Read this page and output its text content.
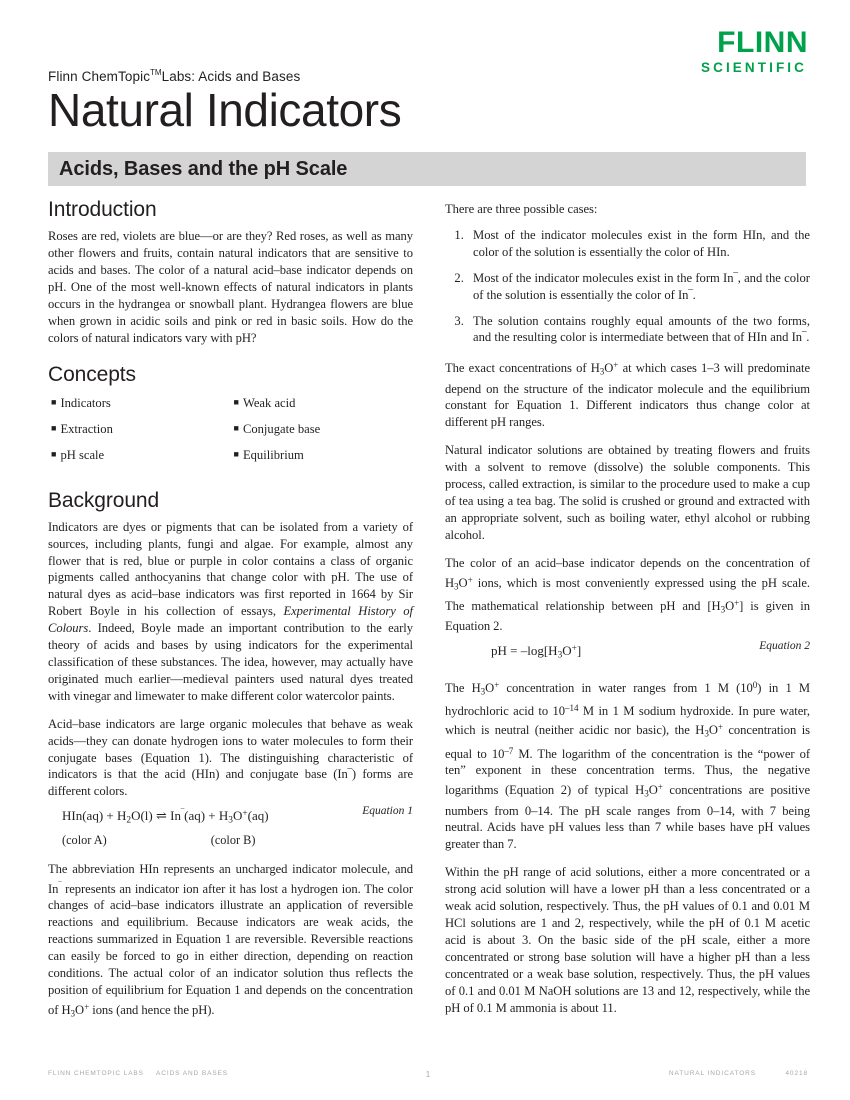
FLINN
SCIENTIFIC

Flinn ChemTopic™Labs: Acids and Bases

Natural Indicators
Acids, Bases and the pH Scale
Introduction

Roses are red, violets are blue—or are they? Red roses, as well as many other flowers and fruits, contain natural indicators that are sensitive to acids and bases. The color of a natural acid–base indicator depends on pH. One of the most well-known effects of natural indicators in plants occurs in the hydrangea or snowball plant. Hydrangea flowers are blue when grown in acidic soils and pink or red in basic soils. How do the colors of natural indicators vary with pH?

Concepts
■ Indicators
■ Extraction
■ pH scale
■ Weak acid
■ Conjugate base
■ Equilibrium
Background

Indicators are dyes or pigments that can be isolated from a variety of sources, including plants, fungi and algae. For example, almost any flower that is red, blue or purple in color contains a class of organic pigments called anthocyanins that change color with pH. The use of natural dyes as acid–base indicators was first reported in 1664 by Sir Robert Boyle in his collection of essays, Experimental History of Colours. Indeed, Boyle made an important contribution to the early theory of acids and bases by using indicators for the experimental classification of these substances. The idea, however, may actually have originated much earlier—medieval painters used natural dyes treated with vinegar and limewater to make different color watercolor paints.

Acid–base indicators are large organic molecules that behave as weak acids—they can donate hydrogen ions to water molecules to form their conjugate bases (Equation 1). The distinguishing characteristic of indicators is that the acid (HIn) and conjugate base (In‾) forms are different colors.

$HIn(aq) + H_2O(l)$ ⇌ $In^‾(aq) + H_3O^+(aq)$
(color A)	(color B)
Equation 1

The abbreviation HIn represents an uncharged indicator molecule, and In‾ represents an indicator ion after it has lost a hydrogen ion. The color changes of acid–base indicators illustrate an application of reversible reactions and equilibrium. Because indicators are weak acids, the reactions summarized in Equation 1 are reversible. Reversible reactions can easily be forced to go in either direction, depending on reaction conditions. The actual color of an indicator solution thus reflects the position of equilibrium for Equation 1 and depends on the concentration of $H_3O^+$ ions (and hence the pH).

There are three possible cases:

1. Most of the indicator molecules exist in the form HIn, and the color of the solution is essentially the color of HIn.
2. Most of the indicator molecules exist in the form In‾, and the color of the solution is essentially the color of In‾.
3. The solution contains roughly equal amounts of the two forms, and the resulting color is intermediate between that of HIn and In‾.

The exact concentrations of $H_3O^+$ at which cases 1–3 will predominate depend on the structure of the indicator molecule and the equilibrium constant for Equation 1. Different indicators thus change color at different pH ranges.

Natural indicator solutions are obtained by treating flowers and fruits with a solvent to remove (dissolve) the soluble components. This process, called extraction, is similar to the procedure used to make a cup of tea using a tea bag. The solid is crushed or ground and extracted with an appropriate solvent, such as boiling water, ethyl alcohol or rubbing alcohol.

The color of an acid–base indicator depends on the concentration of $H_3O^+$ ions, which is most conveniently expressed using the pH scale. The mathematical relationship between pH and $[H_3O^+]$ is given in Equation 2.

pH = $-\log[H_3O^+]$	Equation 2

The $H_3O^+$ concentration in water ranges from 1 M $(10^0)$ in 1 M hydrochloric acid to $10^{-14}$ M in 1 M sodium hydroxide. In pure water, which is neutral (neither acidic nor basic), the $H_3O^+$ concentration is equal to $10^{-7}$ M. The logarithm of the concentration is the “power of ten” exponent in these concentration terms. Thus, the negative logarithms (Equation 2) of typical $H_3O^+$ concentrations are positive numbers from 0–14. The pH scale ranges from 0–14, with 7 being neutral. Acids have pH values less than 7 while bases have pH values greater than 7.

Within the pH range of acid solutions, either a more concentrated or a strong acid solution will have a lower pH than a less concentrated or a weak acid solution, respectively. Thus, the pH values of 0.1 and 0.01 M HCl solutions are 1 and 2, respectively, while the pH of 0.1 M acetic acid is about 3. On the basic side of the pH scale, either a more concentrated or strong base solution will have a higher pH than a less concentrated or a weak base solution, respectively. Thus, the pH values of 0.1 and 0.01 M NaOH solutions are 13 and 12, respectively, while the pH of 0.1 M ammonia is about 11.

FLINN CHEMTOPIC LABS ACIDS AND BASES	1	NATURAL INDICATORS	40218
